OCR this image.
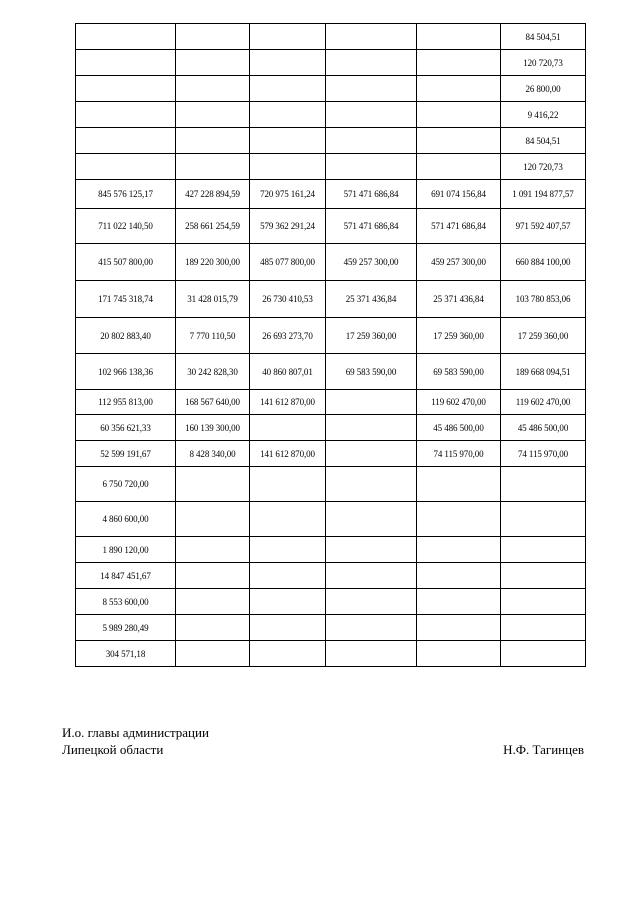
					84 504,51
					120 720,73
					26 800,00
					9 416,22
					84 504,51
					120 720,73
845 576 125,17	427 228 894,59	720 975 161,24	571 471 686,84	691 074 156,84	1 091 194 877,57
711 022 140,50	258 661 254,59	579 362 291,24	571 471 686,84	571 471 686,84	971 592 407,57
415 507 800,00	189 220 300,00	485 077 800,00	459 257 300,00	459 257 300,00	660 884 100,00
171 745 318,74	31 428 015,79	26 730 410,53	25 371 436,84	25 371 436,84	103 780 853,06
20 802 883,40	7 770 110,50	26 693 273,70	17 259 360,00	17 259 360,00	17 259 360,00
102 966 138,36	30 242 828,30	40 860 807,01	69 583 590,00	69 583 590,00	189 668 094,51
112 955 813,00	168 567 640,00	141 612 870,00		119 602 470,00	119 602 470,00
60 356 621,33	160 139 300,00			45 486 500,00	45 486 500,00
52 599 191,67	8 428 340,00	141 612 870,00		74 115 970,00	74 115 970,00
6 750 720,00					
4 860 600,00					
1 890 120,00					
14 847 451,67					
8 553 600,00					
5 989 280,49					
304 571,18					
И.о. главы администрации
Липецкой области	Н.Ф. Тагинцев
